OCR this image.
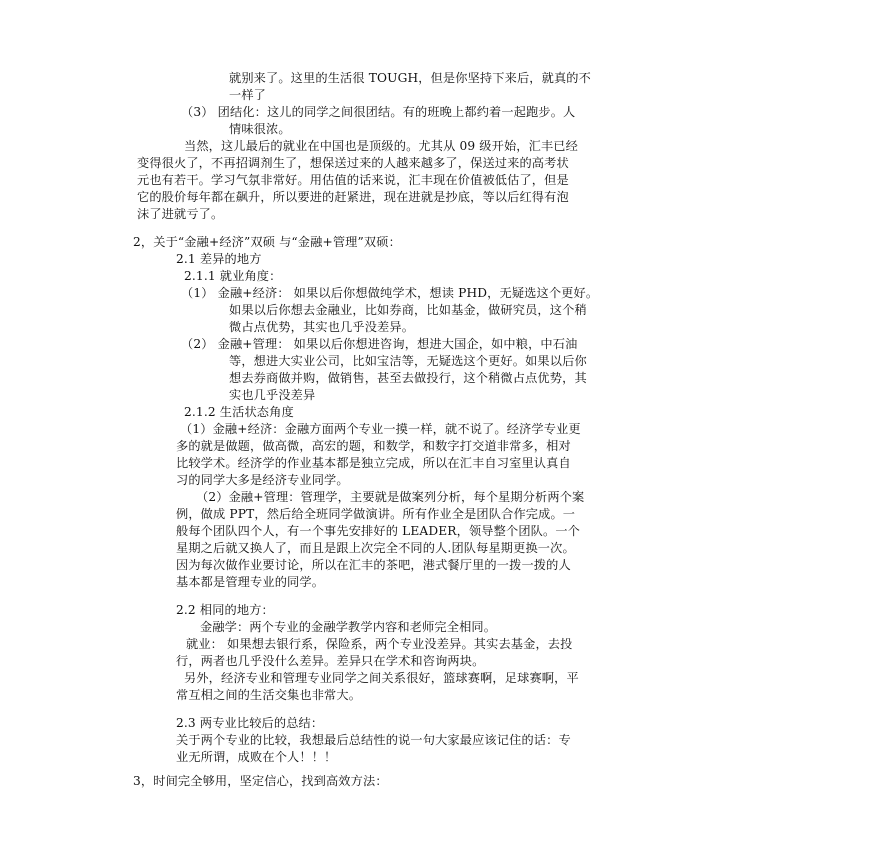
就别来了。这里的生活很 TOUGH，但是你坚持下来后，就真的不
一样了
（3） 团结化：这儿的同学之间很团结。有的班晚上都约着一起跑步。人
情味很浓。
当然，这儿最后的就业在中国也是顶级的。尤其从 09 级开始，汇丰已经
变得很火了，不再招调剂生了，想保送过来的人越来越多了，保送过来的高考状
元也有若干。学习气氛非常好。用估值的话来说，汇丰现在价值被低估了，但是
它的股价每年都在飙升，所以要进的赶紧进，现在进就是抄底，等以后红得有泡
沫了进就亏了。
2，关于“金融+经济”双硕 与“金融+管理”双硕：
2.1 差异的地方
2.1.1 就业角度：
（1） 金融+经济： 如果以后你想做纯学术，想读 PHD，无疑选这个更好。
如果以后你想去金融业，比如券商，比如基金，做研究员，这个稍
微占点优势，其实也几乎没差异。
（2） 金融+管理： 如果以后你想进咨询，想进大国企，如中粮，中石油
等，想进大实业公司，比如宝洁等，无疑选这个更好。如果以后你
想去券商做并购，做销售，甚至去做投行，这个稍微占点优势，其
实也几乎没差异
2.1.2 生活状态角度
（1）金融+经济：金融方面两个专业一摸一样，就不说了。经济学专业更
多的就是做题，做高微，高宏的题，和数学，和数字打交道非常多，相对
比较学术。经济学的作业基本都是独立完成，所以在汇丰自习室里认真自
习的同学大多是经济专业同学。
（2）金融+管理：管理学，主要就是做案列分析，每个星期分析两个案
例，做成 PPT，然后给全班同学做演讲。所有作业全是团队合作完成。一
般每个团队四个人，有一个事先安排好的 LEADER，领导整个团队。一个
星期之后就又换人了，而且是跟上次完全不同的人.团队每星期更换一次。
因为每次做作业要讨论，所以在汇丰的茶吧，港式餐厅里的一拨一拨的人
基本都是管理专业的同学。
2.2 相同的地方：
金融学：两个专业的金融学教学内容和老师完全相同。
就业： 如果想去银行系，保险系，两个专业没差异。其实去基金，去投
行，两者也几乎没什么差异。差异只在学术和咨询两块。
另外，经济专业和管理专业同学之间关系很好，篮球赛啊，足球赛啊，平
常互相之间的生活交集也非常大。
2.3 两专业比较后的总结：
关于两个专业的比较，我想最后总结性的说一句大家最应该记住的话：专
业无所谓，成败在个人！！！
3，时间完全够用，坚定信心，找到高效方法：
